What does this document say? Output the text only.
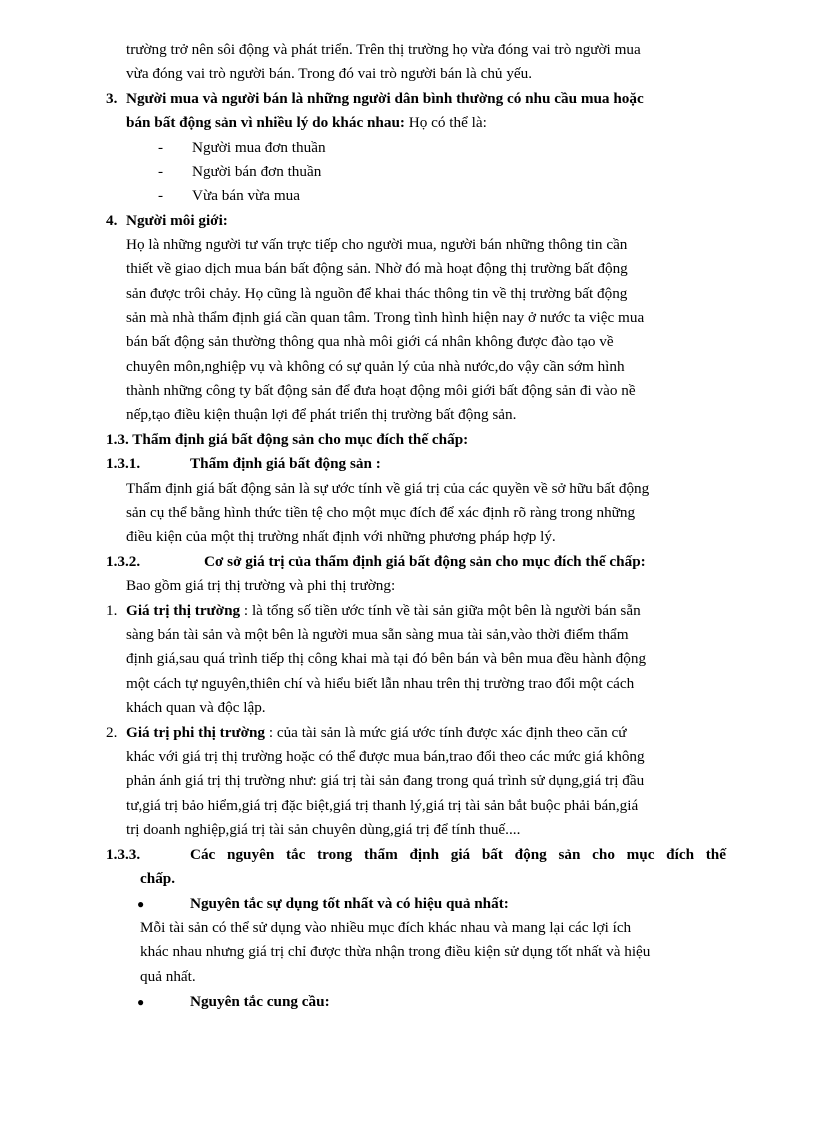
trường trở nên sôi động và phát triển. Trên thị trường họ vừa đóng vai trò người mua
vừa đóng vai trò người bán. Trong đó vai trò người bán là chủ yếu.
3. Người mua và người bán là những người dân bình thường có nhu cầu mua hoặc
bán bất động sản vì nhiều lý do khác nhau: Họ có thể là:
- Người mua đơn thuần
- Người bán đơn thuần
- Vừa bán vừa mua
4. Người môi giới:
Họ là những người tư vấn trực tiếp cho người mua, người bán những thông tin cần
thiết về giao dịch mua bán bất động sản. Nhờ đó mà hoạt động thị trường bất động
sản được trôi chảy. Họ cũng là nguồn để khai thác thông tin về thị trường bất động
sản mà nhà thẩm định giá cần quan tâm. Trong tình hình hiện nay ở nước ta việc mua
bán bất động sản thường thông qua nhà môi giới cá nhân không được đào tạo về
chuyên môn,nghiệp vụ và không có sự quản lý của nhà nước,do vậy cần sớm hình
thành những công ty bất động sản để đưa hoạt động môi giới bất động sản đi vào nề
nếp,tạo điều kiện thuận lợi để phát triển thị trường bất động sản.
1.3. Thẩm định giá bất động sản cho mục đích thế chấp:
1.3.1.	Thẩm định giá bất động sản :
Thẩm định giá bất động sản là sự ước tính về giá trị của các quyền về sở hữu bất động
sản cụ thể bằng hình thức tiền tệ cho một mục đích để xác định rõ ràng trong những
điều kiện của một thị trường nhất định với những phương pháp hợp lý.
1.3.2.	Cơ sở giá trị của thẩm định giá bất động sản cho mục đích thế chấp:
Bao gồm giá trị thị trường và phi thị trường:
1. Giá trị thị trường : là tổng số tiền ước tính về tài sản giữa một bên là người bán sẵn
sàng bán tài sản và một bên là người mua sẵn sàng mua tài sản,vào thời điểm thẩm
định giá,sau quá trình tiếp thị công khai mà tại đó bên bán và bên mua đều hành động
một cách tự nguyên,thiên chí và hiểu biết lẫn nhau trên thị trường trao đổi một cách
khách quan và độc lập.
2. Giá trị phi thị trường : của tài sản là mức giá ước tính được xác định theo căn cứ
khác với giá trị thị trường hoặc có thể được mua bán,trao đổi theo các mức giá không
phản ánh giá trị thị trường như: giá trị tài sản đang trong quá trình sử dụng,giá trị đầu
tư,giá trị bảo hiểm,giá trị đặc biệt,giá trị thanh lý,giá trị tài sản bắt buộc phải bán,giá
trị doanh nghiệp,giá trị tài sản chuyên dùng,giá trị để tính thuế....
1.3.3.	Các nguyên tắc trong thẩm định giá bất động sản cho mục đích thế
chấp.
●	Nguyên tắc sự dụng tốt nhất và có hiệu quả nhất:
Mỗi tài sản có thể sử dụng vào nhiều mục đích khác nhau và mang lại các lợi ích
khác nhau nhưng giá trị chỉ được thừa nhận trong điều kiện sử dụng tốt nhất và hiệu
quả nhất.
●	Nguyên tắc cung cầu:
